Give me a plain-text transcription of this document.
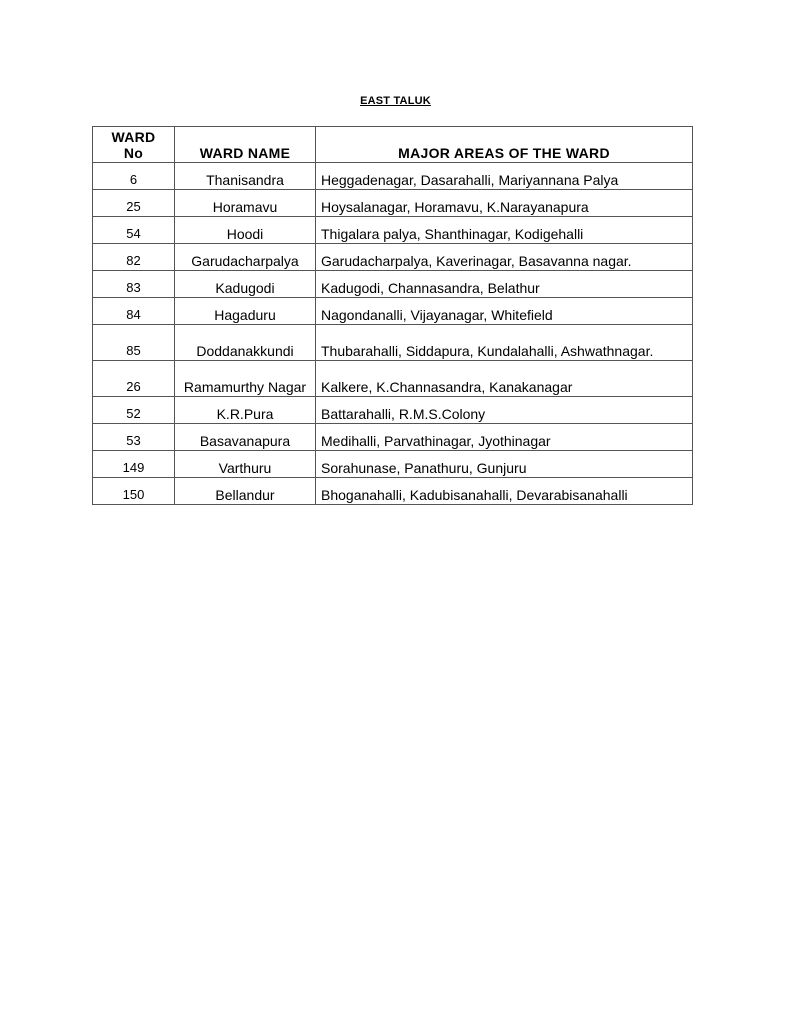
EAST TALUK
WARD
No	WARD NAME	MAJOR AREAS OF THE WARD
6	Thanisandra	Heggadenagar, Dasarahalli, Mariyannana Palya
25	Horamavu	Hoysalanagar, Horamavu, K.Narayanapura
54	Hoodi	Thigalara palya, Shanthinagar, Kodigehalli
82	Garudacharpalya	Garudacharpalya, Kaverinagar, Basavanna nagar.
83	Kadugodi	Kadugodi, Channasandra, Belathur
84	Hagaduru	Nagondanalli, Vijayanagar, Whitefield
85	Doddanakkundi	Thubarahalli, Siddapura, Kundalahalli, Ashwathnagar.
26	Ramamurthy Nagar	Kalkere, K.Channasandra, Kanakanagar
52	K.R.Pura	Battarahalli, R.M.S.Colony
53	Basavanapura	Medihalli, Parvathinagar, Jyothinagar
149	Varthuru	Sorahunase, Panathuru, Gunjuru
150	Bellandur	Bhoganahalli, Kadubisanahalli, Devarabisanahalli
